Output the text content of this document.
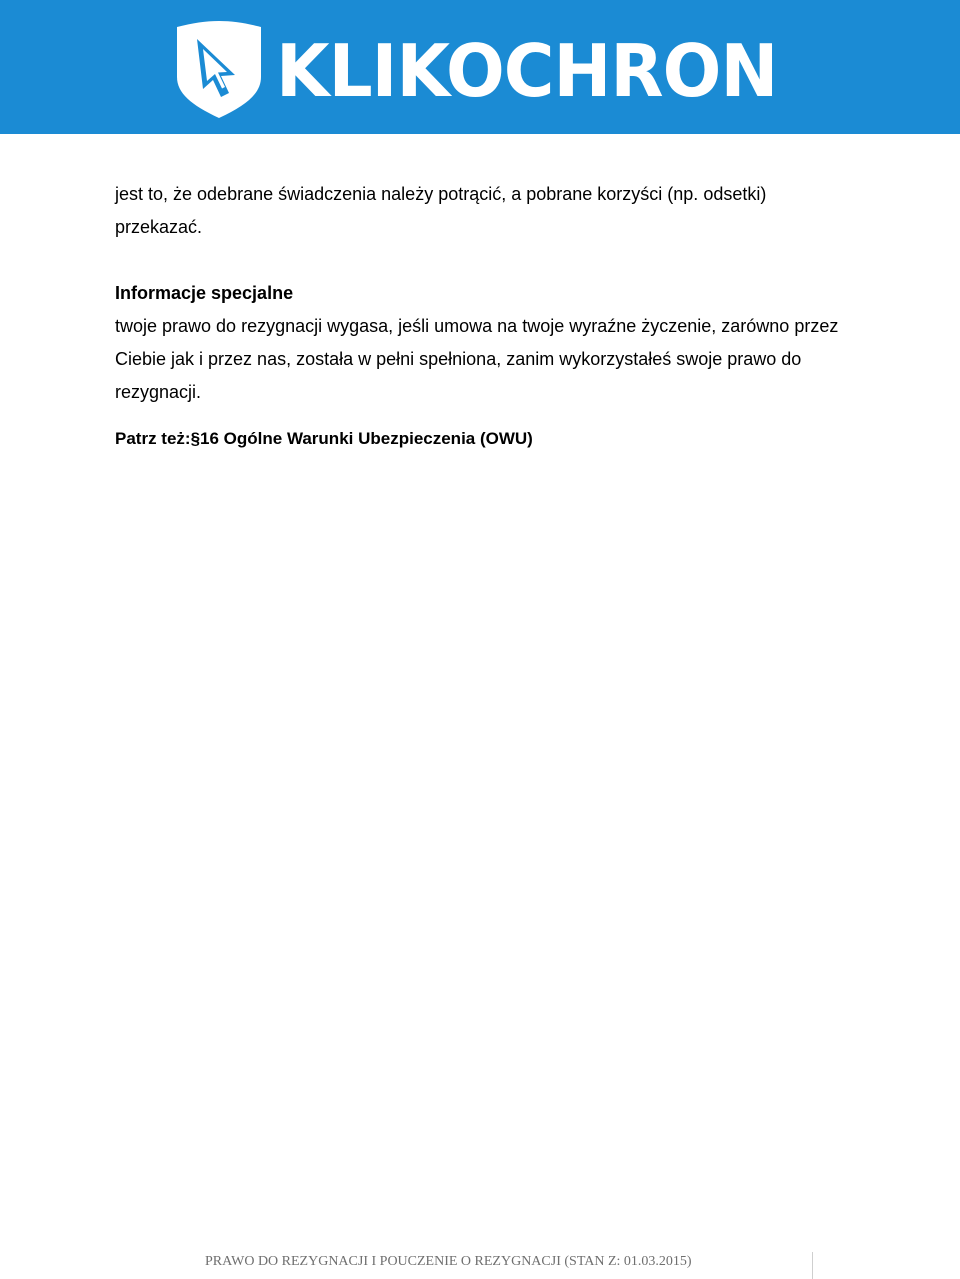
KLIKOCHRON

jest to, że odebrane świadczenia należy potrącić, a pobrane korzyści (np. odsetki) przekazać.

Informacje specjalne

twoje prawo do rezygnacji wygasa, jeśli umowa na twoje wyraźne życzenie, zarówno przez Ciebie jak i przez nas, została w pełni spełniona, zanim wykorzystałeś swoje prawo do rezygnacji.

Patrz też:§16 Ogólne Warunki Ubezpieczenia (OWU)
PRAWO DO REZYGNACJI I POUCZENIE O REZYGNACJI (STAN Z: 01.03.2015)
